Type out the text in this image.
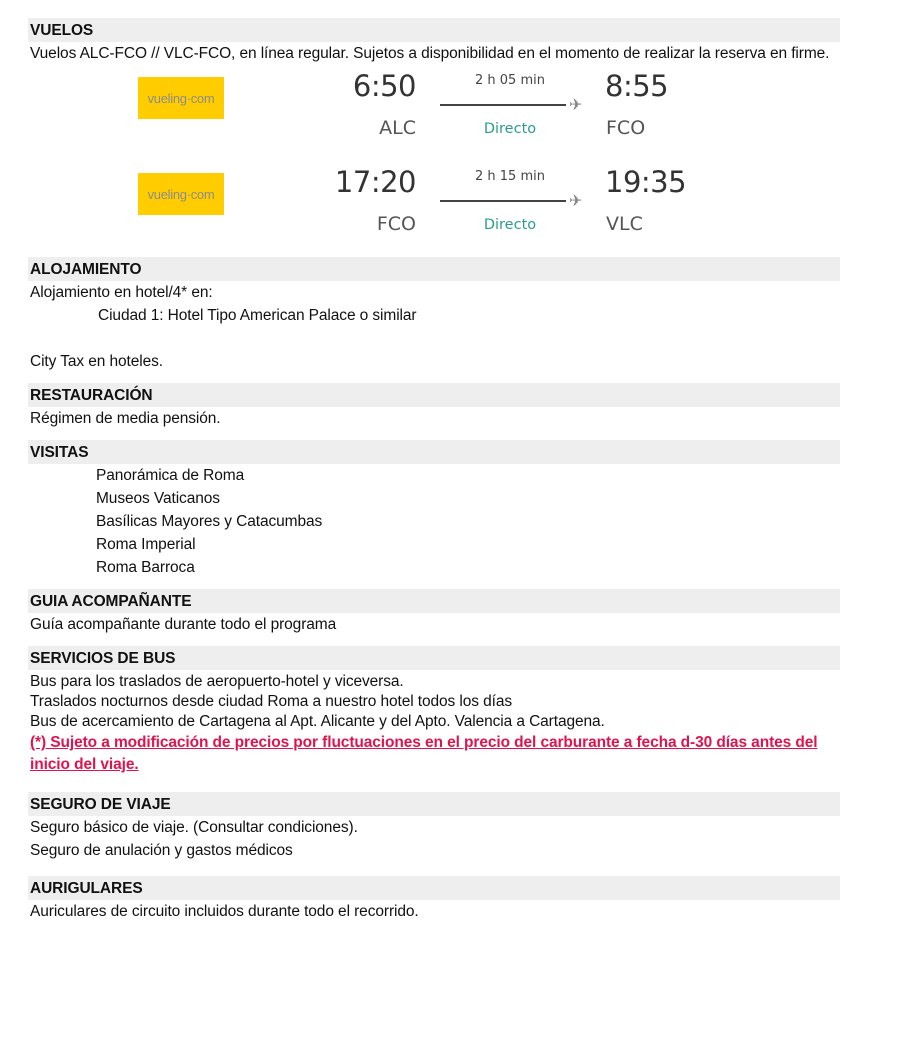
VUELOS
Vuelos ALC-FCO // VLC-FCO, en línea regular. Sujetos a disponibilidad en el momento de realizar la reserva en firme.
vueling·com	6:50
ALC
2 h 05 min
✈
Directo
8:55
FCO
vueling·com	17:20
FCO
2 h 15 min
✈
Directo
19:35
VLC
ALOJAMIENTO
Alojamiento en hotel/4* en:
Ciudad 1: Hotel Tipo American Palace o similar
City Tax en hoteles.
RESTAURACIÓN
Régimen de media pensión.
VISITAS
Panorámica de Roma
Museos Vaticanos
Basílicas Mayores y Catacumbas
Roma Imperial
Roma Barroca
GUIA ACOMPAÑANTE
Guía acompañante durante todo el programa
SERVICIOS DE BUS
Bus para los traslados de aeropuerto-hotel y viceversa.
Traslados nocturnos desde ciudad Roma a nuestro hotel todos los días
Bus de acercamiento de Cartagena al Apt. Alicante y del Apto. Valencia a Cartagena.
(*) Sujeto a modificación de precios por fluctuaciones en el precio del carburante a fecha d-30 días antes del
inicio del viaje.
SEGURO DE VIAJE
Seguro básico de viaje. (Consultar condiciones).
Seguro de anulación y gastos médicos
AURIGULARES
Auriculares de circuito incluidos durante todo el recorrido.
